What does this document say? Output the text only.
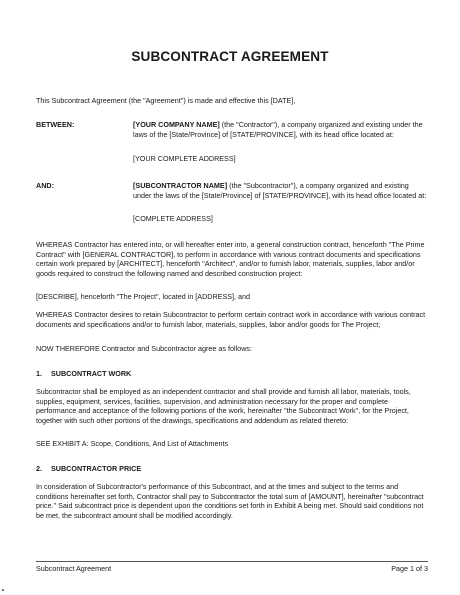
SUBCONTRACT AGREEMENT

This Subcontract Agreement (the "Agreement") is made and effective this [DATE],

BETWEEN:	[YOUR COMPANY NAME] (the "Contractor"), a company organized and existing under the laws of the [State/Province] of [STATE/PROVINCE], with its head office located at:
[YOUR COMPLETE ADDRESS]
AND:	[SUBCONTRACTOR NAME] (the "Subcontractor"), a company organized and existing under the laws of the [State/Province] of [STATE/PROVINCE], with its head office located at:
[COMPLETE ADDRESS]

WHEREAS Contractor has entered into, or will hereafter enter into, a general construction contract, henceforth "The Prime Contract" with [GENERAL CONTRACTOR], to perform in accordance with various contract documents and specifications certain work prepared by [ARCHITECT], henceforth "Architect", and/or to furnish labor, materials, supplies, labor and/or goods required to construct the following named and described construction project:

[DESCRIBE], henceforth "The Project", located in [ADDRESS], and

WHEREAS Contractor desires to retain Subcontractor to perform certain contract work in accordance with various contract documents and specifications and/or to furnish labor, materials, supplies, labor and/or goods for The Project;

NOW THEREFORE Contractor and Subcontractor agree as follows:

1. SUBCONTRACT WORK

Subcontractor shall be employed as an independent contractor and shall provide and furnish all labor, materials, tools, supplies, equipment, services, facilities, supervision, and administration necessary for the proper and complete performance and acceptance of the following portions of the work, hereinafter "the Subcontract Work", for the Project, together with such other portions of the drawings, specifications and addendum as related thereto:

SEE EXHIBIT A: Scope, Conditions, And List of Attachments

2. SUBCONTRACTOR PRICE

In consideration of Subcontractor's performance of this Subcontract, and at the times and subject to the terms and conditions hereinafter set forth, Contractor shall pay to Subcontractor the total sum of [AMOUNT], hereinafter "subcontract price." Said subcontract price is dependent upon the conditions set forth in Exhibit A being met. Should said conditions not be met, the subcontract amount shall be modified accordingly.

Subcontract Agreement	Page 1 of 3
